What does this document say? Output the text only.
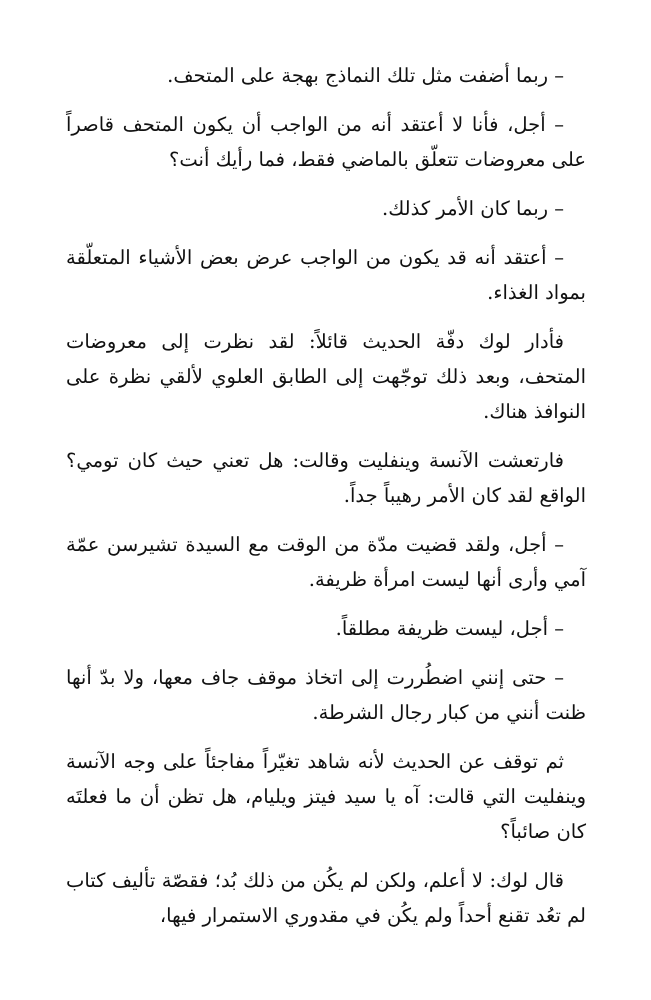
– ربما أضفت مثل تلك النماذج بهجة على المتحف.

– أجل، فأنا لا أعتقد أنه من الواجب أن يكون المتحف قاصراً على معروضات تتعلّق بالماضي فقط، فما رأيك أنت؟

– ربما كان الأمر كذلك.

– أعتقد أنه قد يكون من الواجب عرض بعض الأشياء المتعلّقة بمواد الغذاء.

فأدار لوك دفّة الحديث قائلاً: لقد نظرت إلى معروضات المتحف، وبعد ذلك توجّهت إلى الطابق العلوي لألقي نظرة على النوافذ هناك.

فارتعشت الآنسة وينفليت وقالت: هل تعني حيث كان تومي؟ الواقع لقد كان الأمر رهيباً جداً.

– أجل، ولقد قضيت مدّة من الوقت مع السيدة تشيرسن عمّة آمي وأرى أنها ليست امرأة ظريفة.

– أجل، ليست ظريفة مطلقاً.

– حتى إنني اضطُررت إلى اتخاذ موقف جاف معها، ولا بدّ أنها ظنت أنني من كبار رجال الشرطة.

ثم توقف عن الحديث لأنه شاهد تغيّراً مفاجئاً على وجه الآنسة وينفليت التي قالت: آه يا سيد فيتز ويليام، هل تظن أن ما فعلتَه كان صائباً؟

قال لوك: لا أعلم، ولكن لم يكُن من ذلك بُد؛ فقصّة تأليف كتاب لم تعُد تقنع أحداً ولم يكُن في مقدوري الاستمرار فيها،
